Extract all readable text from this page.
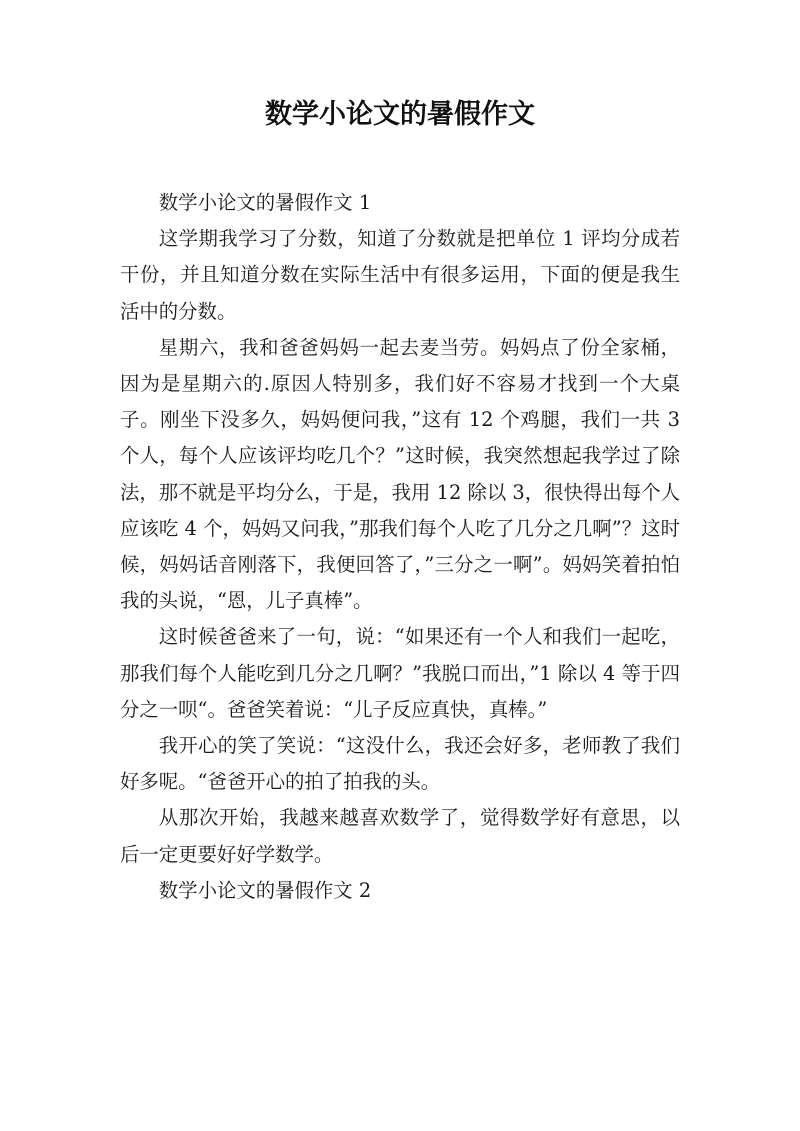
数学小论文的暑假作文

数学小论文的暑假作文 1

这学期我学习了分数，知道了分数就是把单位 1 评均分成若干份，并且知道分数在实际生活中有很多运用，下面的便是我生活中的分数。

星期六，我和爸爸妈妈一起去麦当劳。妈妈点了份全家桶，因为是星期六的.原因人特别多，我们好不容易才找到一个大桌子。刚坐下没多久，妈妈便问我，”这有 12 个鸡腿，我们一共 3 个人，每个人应该评均吃几个？”这时候，我突然想起我学过了除法，那不就是平均分么，于是，我用 12 除以 3，很快得出每个人应该吃 4 个，妈妈又问我，”那我们每个人吃了几分之几啊”？这时候，妈妈话音刚落下，我便回答了，”三分之一啊”。妈妈笑着拍怕我的头说，“恩，儿子真棒”。

这时候爸爸来了一句，说：“如果还有一个人和我们一起吃，那我们每个人能吃到几分之几啊？”我脱口而出，”1 除以 4 等于四分之一呗“。爸爸笑着说：“儿子反应真快，真棒。”

我开心的笑了笑说：“这没什么，我还会好多，老师教了我们好多呢。“爸爸开心的拍了拍我的头。

从那次开始，我越来越喜欢数学了，觉得数学好有意思，以后一定更要好好学数学。

数学小论文的暑假作文 2
